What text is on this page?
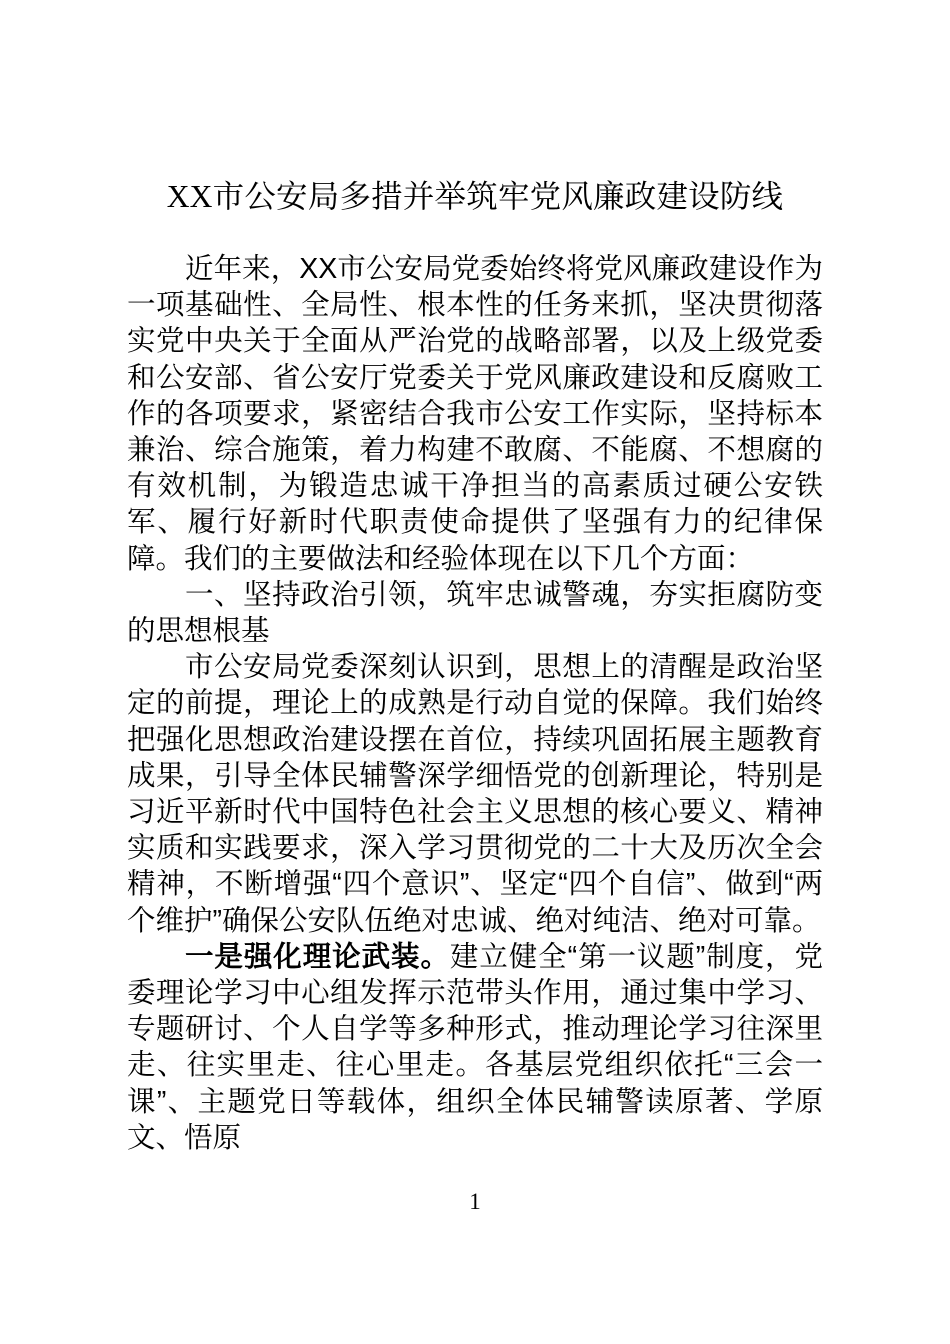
XX市公安局多措并举筑牢党风廉政建设防线

近年来，XX市公安局党委始终将党风廉政建设作为一项基础性、全局性、根本性的任务来抓，坚决贯彻落实党中央关于全面从严治党的战略部署，以及上级党委和公安部、省公安厅党委关于党风廉政建设和反腐败工作的各项要求，紧密结合我市公安工作实际，坚持标本兼治、综合施策，着力构建不敢腐、不能腐、不想腐的有效机制，为锻造忠诚干净担当的高素质过硬公安铁军、履行好新时代职责使命提供了坚强有力的纪律保障。我们的主要做法和经验体现在以下几个方面：

一、坚持政治引领，筑牢忠诚警魂，夯实拒腐防变的思想根基

市公安局党委深刻认识到，思想上的清醒是政治坚定的前提，理论上的成熟是行动自觉的保障。我们始终把强化思想政治建设摆在首位，持续巩固拓展主题教育成果，引导全体民辅警深学细悟党的创新理论，特别是习近平新时代中国特色社会主义思想的核心要义、精神实质和实践要求，深入学习贯彻党的二十大及历次全会精神，不断增强“四个意识”、坚定“四个自信”、做到“两个维护”确保公安队伍绝对忠诚、绝对纯洁、绝对可靠。

一是强化理论武装。建立健全“第一议题”制度，党委理论学习中心组发挥示范带头作用，通过集中学习、专题研讨、个人自学等多种形式，推动理论学习往深里走、往实里走、往心里走。各基层党组织依托“三会一课”、主题党日等载体，组织全体民辅警读原著、学原文、悟原

1
